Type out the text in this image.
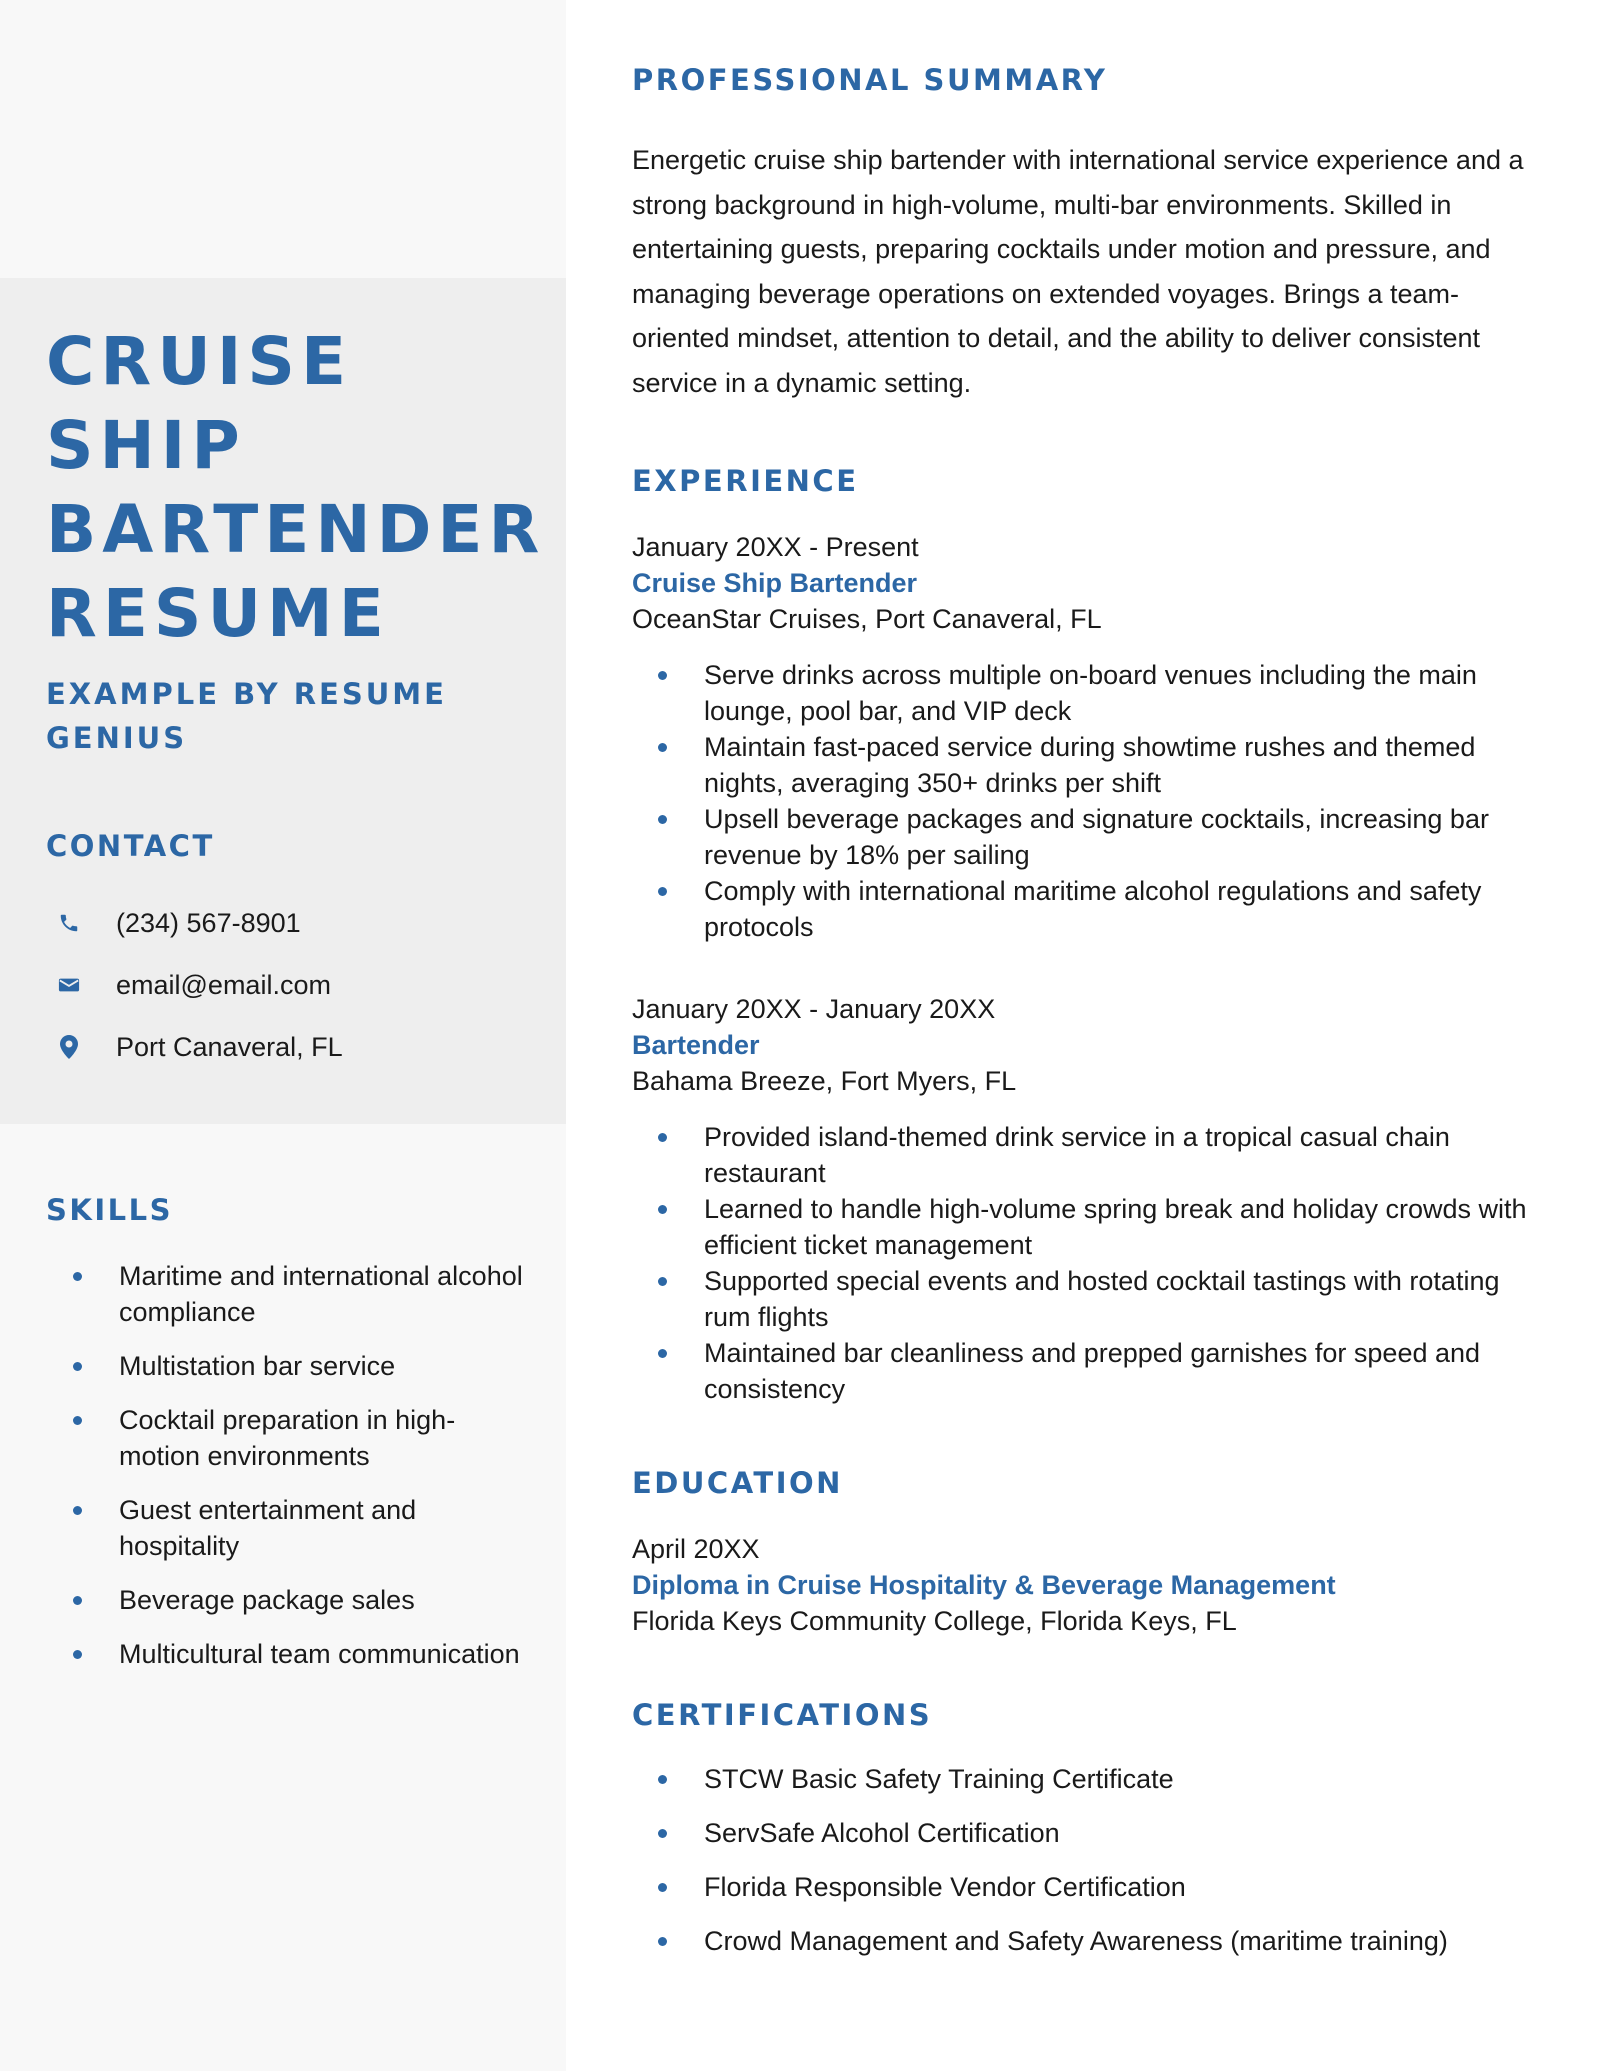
CRUISE
SHIP
BARTENDER
RESUME

EXAMPLE BY RESUME
GENIUS

CONTACT
(234) 567-8901
email@email.com
Port Canaveral, FL
SKILLS
Maritime and international alcohol compliance
Multistation bar service
Cocktail preparation in high-motion environments
Guest entertainment and hospitality
Beverage package sales
Multicultural team communication
PROFESSIONAL SUMMARY

Energetic cruise ship bartender with international service experience and a strong background in high-volume, multi-bar environments. Skilled in entertaining guests, preparing cocktails under motion and pressure, and managing beverage operations on extended voyages. Brings a team-oriented mindset, attention to detail, and the ability to deliver consistent service in a dynamic setting.

EXPERIENCE
January 20XX - Present
Cruise Ship Bartender
OceanStar Cruises, Port Canaveral, FL
Serve drinks across multiple on-board venues including the main lounge, pool bar, and VIP deck
Maintain fast-paced service during showtime rushes and themed nights, averaging 350+ drinks per shift
Upsell beverage packages and signature cocktails, increasing bar revenue by 18% per sailing
Comply with international maritime alcohol regulations and safety protocols
January 20XX - January 20XX
Bartender
Bahama Breeze, Fort Myers, FL
Provided island-themed drink service in a tropical casual chain restaurant
Learned to handle high-volume spring break and holiday crowds with efficient ticket management
Supported special events and hosted cocktail tastings with rotating rum flights
Maintained bar cleanliness and prepped garnishes for speed and consistency
EDUCATION
April 20XX
Diploma in Cruise Hospitality & Beverage Management
Florida Keys Community College, Florida Keys, FL
CERTIFICATIONS
STCW Basic Safety Training Certificate
ServSafe Alcohol Certification
Florida Responsible Vendor Certification
Crowd Management and Safety Awareness (maritime training)
